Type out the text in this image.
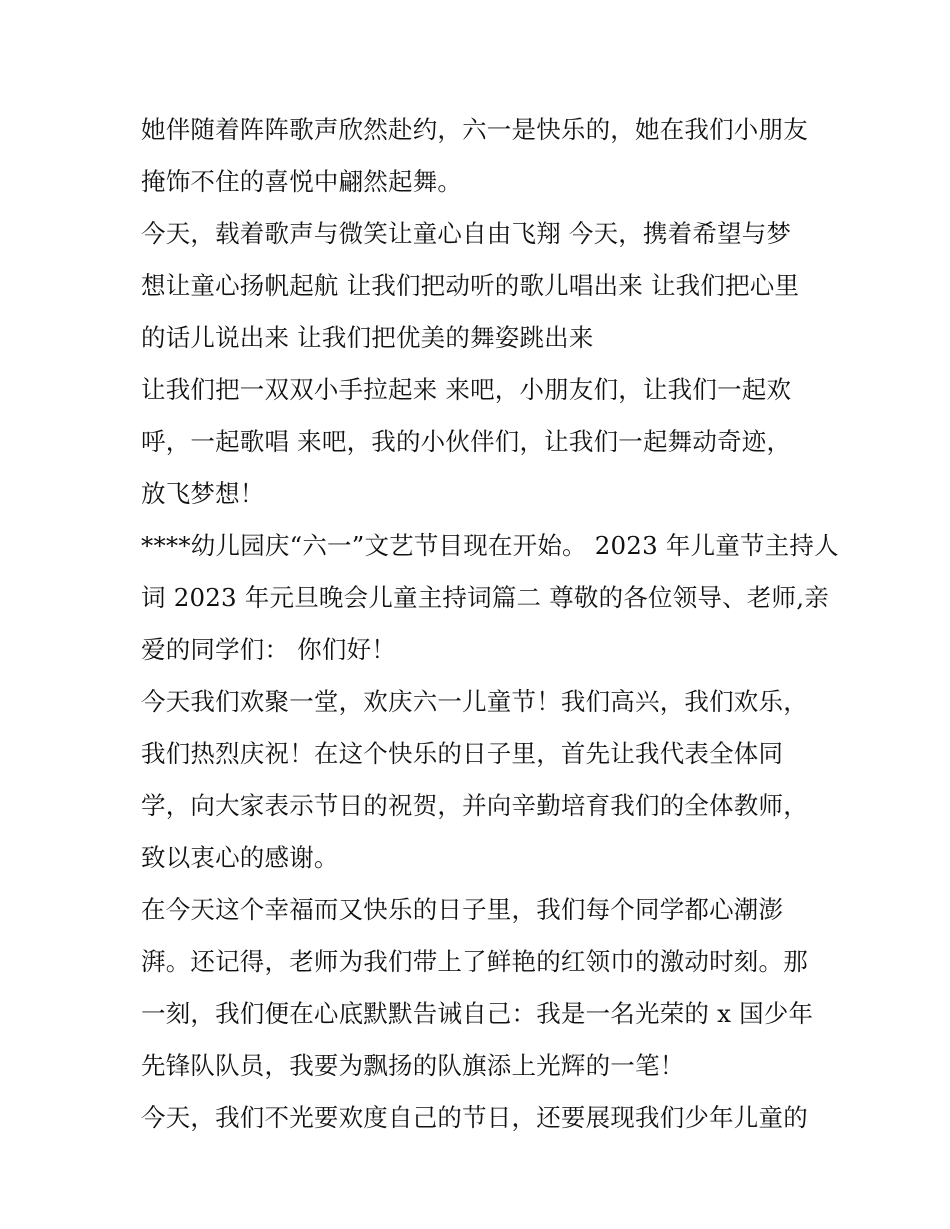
她伴随着阵阵歌声欣然赴约，六一是快乐的，她在我们小朋友
掩饰不住的喜悦中翩然起舞。
今天，载着歌声与微笑让童心自由飞翔 今天，携着希望与梦
想让童心扬帆起航 让我们把动听的歌儿唱出来 让我们把心里
的话儿说出来 让我们把优美的舞姿跳出来
让我们把一双双小手拉起来 来吧，小朋友们，让我们一起欢
呼，一起歌唱 来吧，我的小伙伴们，让我们一起舞动奇迹，
放飞梦想！
****幼儿园庆“六一”文艺节目现在开始。 2023 年儿童节主持人
词 2023 年元旦晚会儿童主持词篇二 尊敬的各位领导、老师,亲
爱的同学们： 你们好！
今天我们欢聚一堂，欢庆六一儿童节！我们高兴，我们欢乐，
我们热烈庆祝！在这个快乐的日子里，首先让我代表全体同
学，向大家表示节日的祝贺，并向辛勤培育我们的全体教师，
致以衷心的感谢。
在今天这个幸福而又快乐的日子里，我们每个同学都心潮澎
湃。还记得，老师为我们带上了鲜艳的红领巾的激动时刻。那
一刻，我们便在心底默默告诫自己：我是一名光荣的 x 国少年
先锋队队员，我要为飘扬的队旗添上光辉的一笔！
今天，我们不光要欢度自己的节日，还要展现我们少年儿童的
